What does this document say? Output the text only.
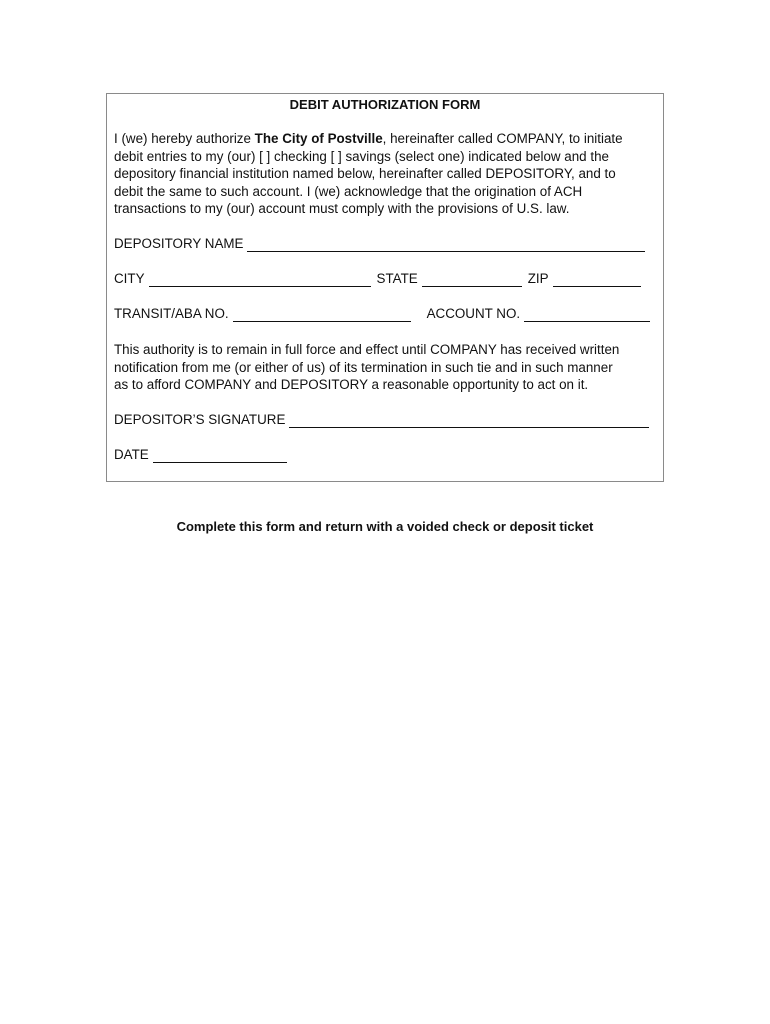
DEBIT AUTHORIZATION FORM
I (we) hereby authorize The City of Postville, hereinafter called COMPANY, to initiate
debit entries to my (our) [ ] checking [ ] savings (select one) indicated below and the
depository financial institution named below, hereinafter called DEPOSITORY, and to
debit the same to such account. I (we) acknowledge that the origination of ACH
transactions to my (our) account must comply with the provisions of U.S. law.
DEPOSITORY NAME
CITY	STATE	ZIP
TRANSIT/ABA NO.	ACCOUNT NO.
This authority is to remain in full force and effect until COMPANY has received written
notification from me (or either of us) of its termination in such tie and in such manner
as to afford COMPANY and DEPOSITORY a reasonable opportunity to act on it.
DEPOSITOR’S SIGNATURE
DATE
Complete this form and return with a voided check or deposit ticket
